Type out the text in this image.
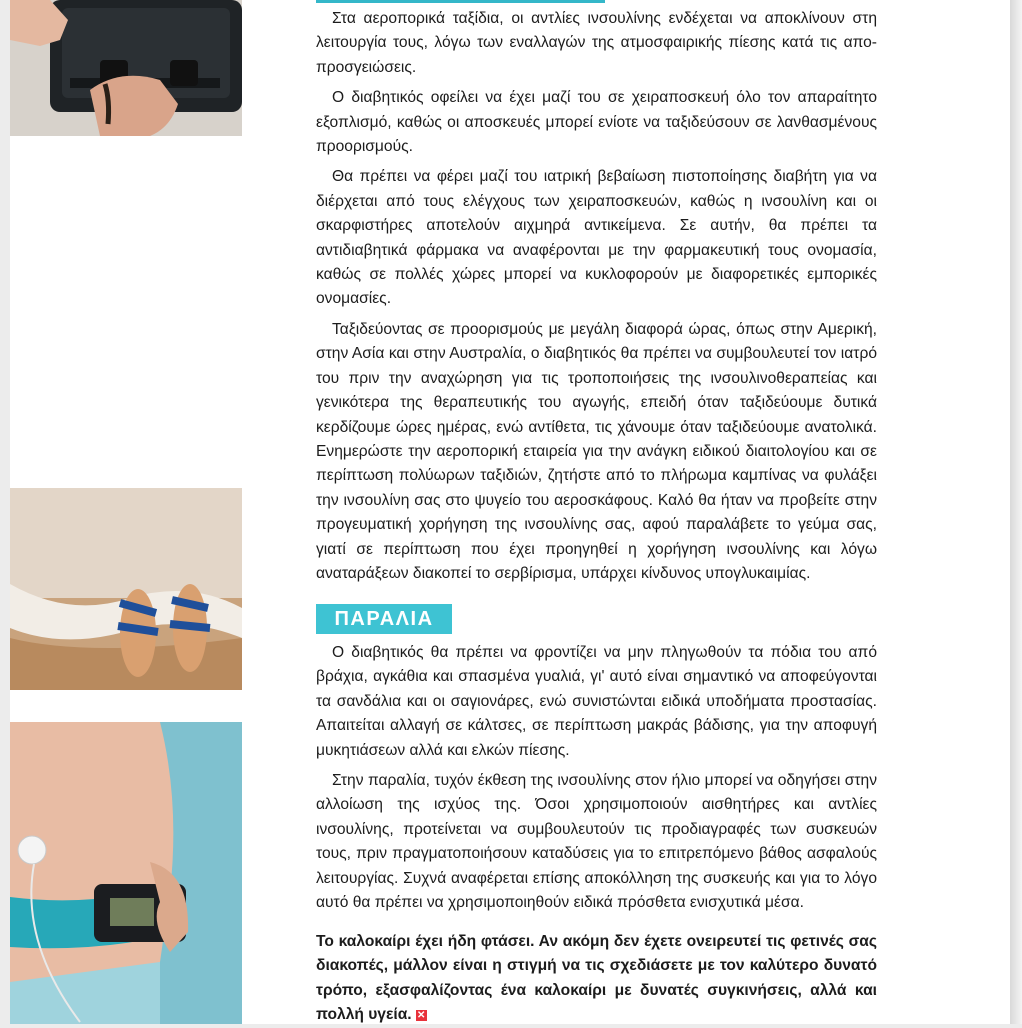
Στα αεροπορικά ταξίδια, οι αντλίες ινσουλίνης ενδέχεται να αποκλίνουν στη λειτουργία τους, λόγω των εναλλαγών της ατμοσφαιρικής πίεσης κατά τις απο-προσγειώσεις.

Ο διαβητικός οφείλει να έχει μαζί του σε χειραποσκευή όλο τον απαραίτητο εξοπλισμό, καθώς οι αποσκευές μπορεί ενίοτε να ταξιδεύσουν σε λανθασμένους προορισμούς.

Θα πρέπει να φέρει μαζί του ιατρική βεβαίωση πιστοποίησης διαβήτη για να διέρχεται από τους ελέγχους των χειραποσκευών, καθώς η ινσουλίνη και οι σκαρφιστήρες αποτελούν αιχμηρά αντικείμενα. Σε αυτήν, θα πρέπει τα αντιδιαβητικά φάρμακα να αναφέρονται με την φαρμακευτική τους ονομασία, καθώς σε πολλές χώρες μπορεί να κυκλοφορούν με διαφορετικές εμπορικές ονομασίες.

Ταξιδεύοντας σε προορισμούς με μεγάλη διαφορά ώρας, όπως στην Αμερική, στην Ασία και στην Αυστραλία, ο διαβητικός θα πρέπει να συμβουλευτεί τον ιατρό του πριν την αναχώρηση για τις τροποποιήσεις της ινσουλινοθεραπείας και γενικότερα της θεραπευτικής του αγωγής, επειδή όταν ταξιδεύουμε δυτικά κερδίζουμε ώρες ημέρας, ενώ αντίθετα, τις χάνουμε όταν ταξιδεύουμε ανατολικά. Ενημερώστε την αεροπορική εταιρεία για την ανάγκη ειδικού διαιτολογίου και σε περίπτωση πολύωρων ταξιδιών, ζητήστε από το πλήρωμα καμπίνας να φυλάξει την ινσουλίνη σας στο ψυγείο του αεροσκάφους. Καλό θα ήταν να προβείτε στην προγευματική χορήγηση της ινσουλίνης σας, αφού παραλάβετε το γεύμα σας, γιατί σε περίπτωση που έχει προηγηθεί η χορήγηση ινσουλίνης και λόγω αναταράξεων διακοπεί το σερβίρισμα, υπάρχει κίνδυνος υπογλυκαιμίας.

ΠΑΡΑΛΙΑ

Ο διαβητικός θα πρέπει να φροντίζει να μην πληγωθούν τα πόδια του από βράχια, αγκάθια και σπασμένα γυαλιά, γι' αυτό είναι σημαντικό να αποφεύγονται τα σανδάλια και οι σαγιονάρες, ενώ συνιστώνται ειδικά υποδήματα προστασίας. Απαιτείται αλλαγή σε κάλτσες, σε περίπτωση μακράς βάδισης, για την αποφυγή μυκητιάσεων αλλά και ελκών πίεσης.

Στην παραλία, τυχόν έκθεση της ινσουλίνης στον ήλιο μπορεί να οδηγήσει στην αλλοίωση της ισχύος της. Όσοι χρησιμοποιούν αισθητήρες και αντλίες ινσουλίνης, προτείνεται να συμβουλευτούν τις προδιαγραφές των συσκευών τους, πριν πραγματοποιήσουν καταδύσεις για το επιτρεπόμενο βάθος ασφαλούς λειτουργίας. Συχνά αναφέρεται επίσης αποκόλληση της συσκευής και για το λόγο αυτό θα πρέπει να χρησιμοποιηθούν ειδικά πρόσθετα ενισχυτικά μέσα.

Το καλοκαίρι έχει ήδη φτάσει. Αν ακόμη δεν έχετε ονειρευτεί τις φετινές σας διακοπές, μάλλον είναι η στιγμή να τις σχεδιάσετε με τον καλύτερο δυνατό τρόπο, εξασφαλίζοντας ένα καλοκαίρι με δυνατές συγκινήσεις, αλλά και πολλή υγεία. ✕
